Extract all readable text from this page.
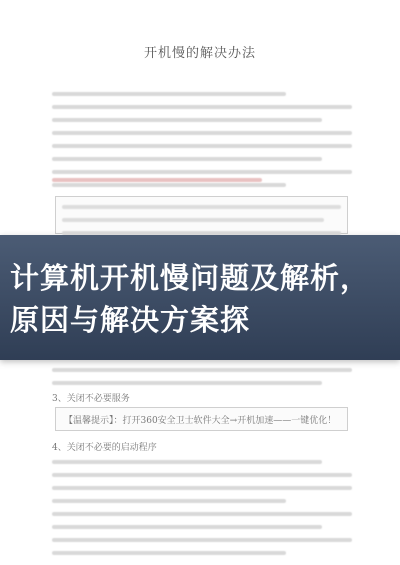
开机慢的解决办法
计算机开机慢问题及解析，原因与解决方案探
3、关闭不必要服务
【温馨提示】：打开360安全卫士软件大全→开机加速——一键优化！
4、关闭不必要的启动程序
